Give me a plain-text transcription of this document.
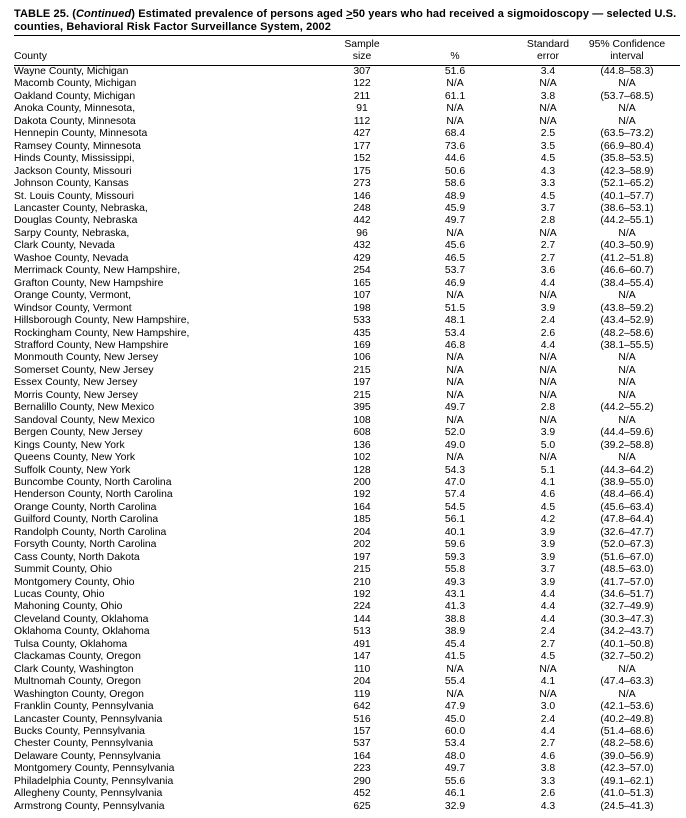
TABLE 25. (Continued) Estimated prevalence of persons aged ≥50 years who had received a sigmoidoscopy — selected U.S.
counties, Behavioral Risk Factor Surveillance System, 2002
County

Sample
size	%

Standard
error

95% Confidence
interval

Wayne County, Michigan	307	51.6	3.4	(44.8–58.3)
Macomb County, Michigan	122	N/A	N/A	N/A
Oakland County, Michigan	211	61.1	3.8	(53.7–68.5)
Anoka County, Minnesota,	91	N/A	N/A	N/A
Dakota County, Minnesota	112	N/A	N/A	N/A
Hennepin County, Minnesota	427	68.4	2.5	(63.5–73.2)
Ramsey County, Minnesota	177	73.6	3.5	(66.9–80.4)
Hinds County, Mississippi,	152	44.6	4.5	(35.8–53.5)
Jackson County, Missouri	175	50.6	4.3	(42.3–58.9)
Johnson County, Kansas	273	58.6	3.3	(52.1–65.2)
St. Louis County, Missouri	146	48.9	4.5	(40.1–57.7)
Lancaster County, Nebraska,	248	45.9	3.7	(38.6–53.1)
Douglas County, Nebraska	442	49.7	2.8	(44.2–55.1)
Sarpy County, Nebraska,	96	N/A	N/A	N/A
Clark County, Nevada	432	45.6	2.7	(40.3–50.9)
Washoe County, Nevada	429	46.5	2.7	(41.2–51.8)
Merrimack County, New Hampshire,	254	53.7	3.6	(46.6–60.7)
Grafton County, New Hampshire	165	46.9	4.4	(38.4–55.4)
Orange County, Vermont,	107	N/A	N/A	N/A
Windsor County, Vermont	198	51.5	3.9	(43.8–59.2)
Hillsborough County, New Hampshire,	533	48.1	2.4	(43.4–52.9)
Rockingham County, New Hampshire,	435	53.4	2.6	(48.2–58.6)
Strafford County, New Hampshire	169	46.8	4.4	(38.1–55.5)
Monmouth County, New Jersey	106	N/A	N/A	N/A
Somerset County, New Jersey	215	N/A	N/A	N/A
Essex County, New Jersey	197	N/A	N/A	N/A
Morris County, New Jersey	215	N/A	N/A	N/A
Bernalillo County, New Mexico	395	49.7	2.8	(44.2–55.2)
Sandoval County, New Mexico	108	N/A	N/A	N/A
Bergen County, New Jersey	608	52.0	3.9	(44.4–59.6)
Kings County, New York	136	49.0	5.0	(39.2–58.8)
Queens County, New York	102	N/A	N/A	N/A
Suffolk County, New York	128	54.3	5.1	(44.3–64.2)
Buncombe County, North Carolina	200	47.0	4.1	(38.9–55.0)
Henderson County, North Carolina	192	57.4	4.6	(48.4–66.4)
Orange County, North Carolina	164	54.5	4.5	(45.6–63.4)
Guilford County, North Carolina	185	56.1	4.2	(47.8–64.4)
Randolph County, North Carolina	204	40.1	3.9	(32.6–47.7)
Forsyth County, North Carolina	202	59.6	3.9	(52.0–67.3)
Cass County, North Dakota	197	59.3	3.9	(51.6–67.0)
Summit County, Ohio	215	55.8	3.7	(48.5–63.0)
Montgomery County, Ohio	210	49.3	3.9	(41.7–57.0)
Lucas County, Ohio	192	43.1	4.4	(34.6–51.7)
Mahoning County, Ohio	224	41.3	4.4	(32.7–49.9)
Cleveland County, Oklahoma	144	38.8	4.4	(30.3–47.3)
Oklahoma County, Oklahoma	513	38.9	2.4	(34.2–43.7)
Tulsa County, Oklahoma	491	45.4	2.7	(40.1–50.8)
Clackamas County, Oregon	147	41.5	4.5	(32.7–50.2)
Clark County, Washington	110	N/A	N/A	N/A
Multnomah County, Oregon	204	55.4	4.1	(47.4–63.3)
Washington County, Oregon	119	N/A	N/A	N/A
Franklin County, Pennsylvania	642	47.9	3.0	(42.1–53.6)
Lancaster County, Pennsylvania	516	45.0	2.4	(40.2–49.8)
Bucks County, Pennsylvania	157	60.0	4.4	(51.4–68.6)
Chester County, Pennsylvania	537	53.4	2.7	(48.2–58.6)
Delaware County, Pennsylvania	164	48.0	4.6	(39.0–56.9)
Montgomery County, Pennsylvania	223	49.7	3.8	(42.3–57.0)
Philadelphia County, Pennsylvania	290	55.6	3.3	(49.1–62.1)
Allegheny County, Pennsylvania	452	46.1	2.6	(41.0–51.3)
Armstrong County, Pennsylvania	625	32.9	4.3	(24.5–41.3)
